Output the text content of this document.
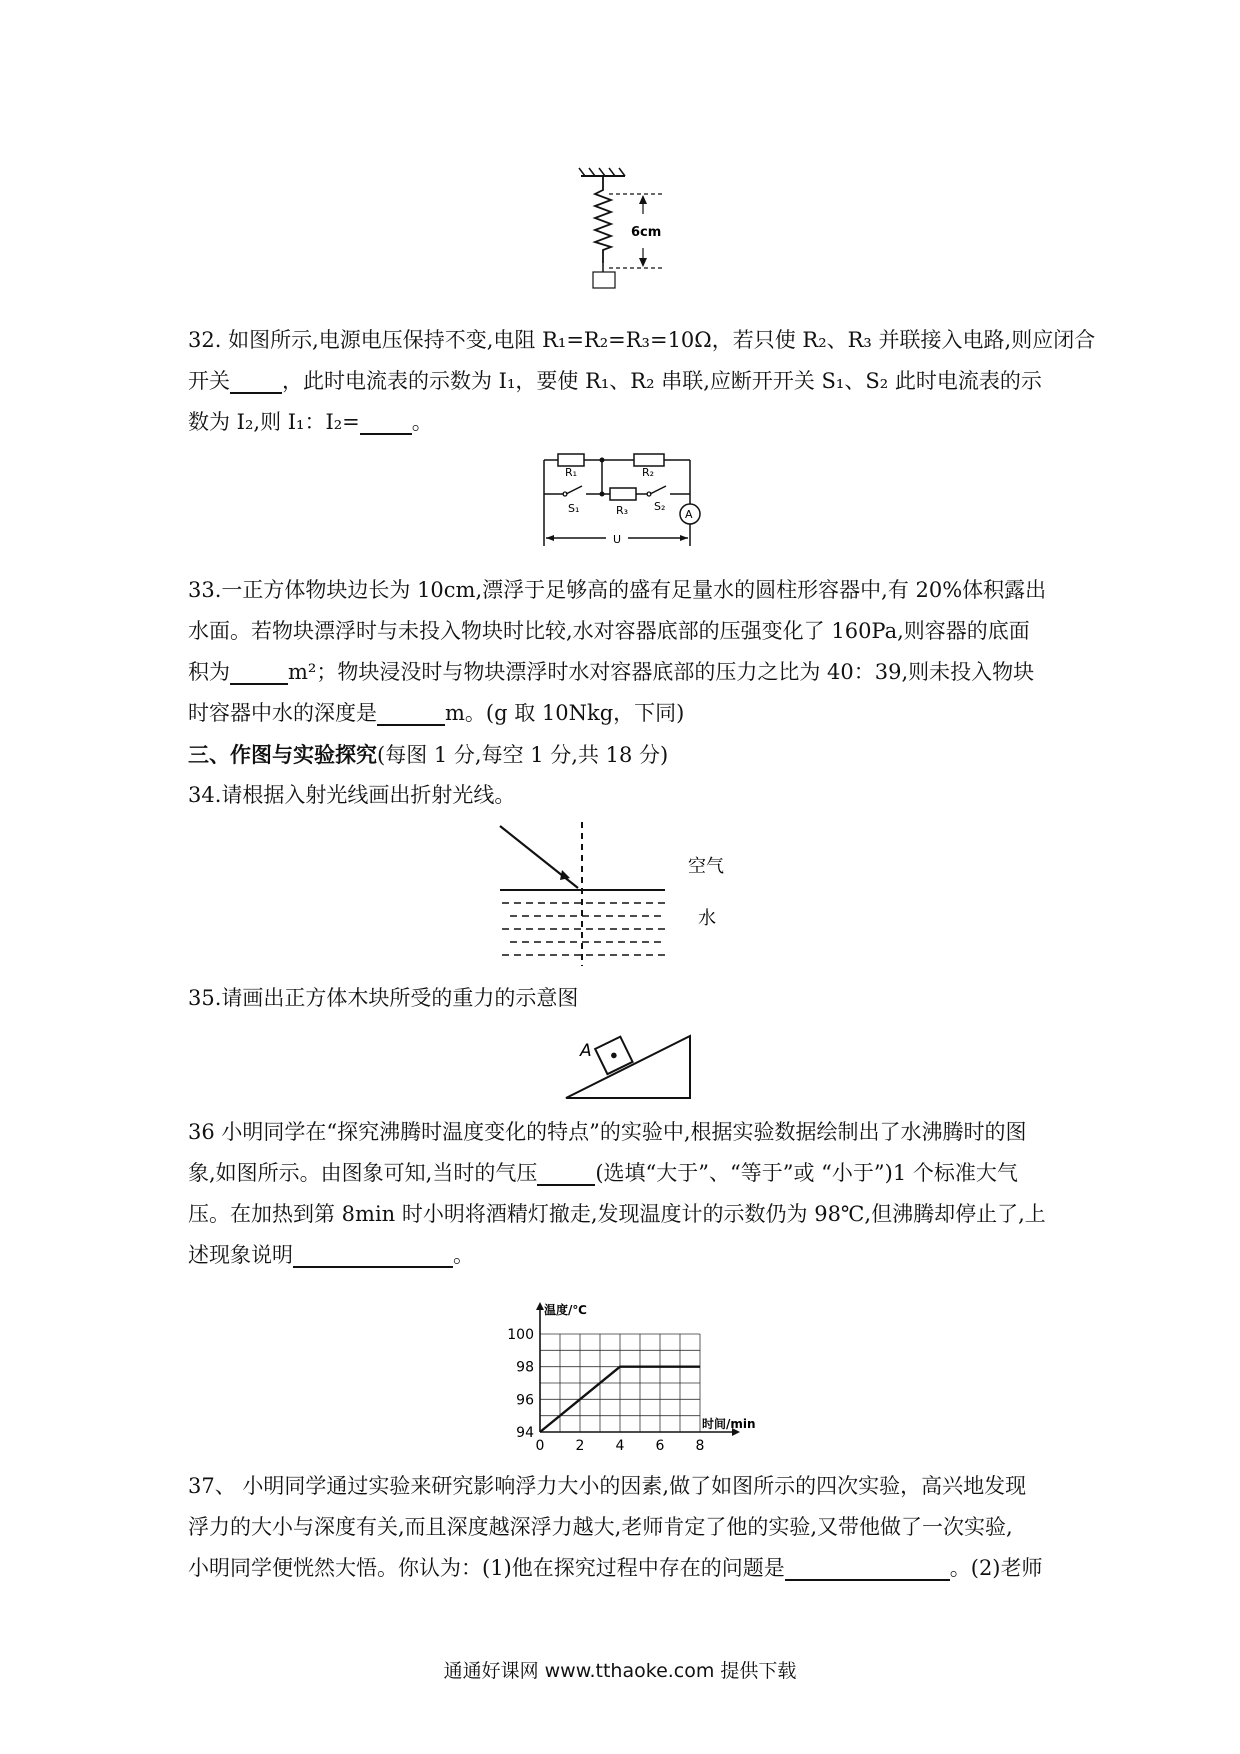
6cm

32. 如图所示,电源电压保持不变,电阻 R₁=R₂=R₃=10Ω，若只使 R₂、R₃ 并联接入电路,则应闭合

开关 ，此时电流表的示数为 I₁，要使 R₁、R₂ 串联,应断开开关 S₁、S₂ 此时电流表的示

数为 I₂,则 I₁：I₂= 。

R₁	R₂
S₁	R₃ S₂
A
U

33.一正方体物块边长为 10cm,漂浮于足够高的盛有足量水的圆柱形容器中,有 20%体积露出

水面。若物块漂浮时与未投入物块时比较,水对容器底部的压强变化了 160Pa,则容器的底面

积为	m²；物块浸没时与物块漂浮时水对容器底部的压力之比为 40：39,则未投入物块

时容器中水的深度是	m。(g 取 10Nkg，下同)

三、作图与实验探究(每图 1 分,每空 1 分,共 18 分)

34.请根据入射光线画出折射光线。

空气
水

35.请画出正方体木块所受的重力的示意图

A

36 小明同学在“探究沸腾时温度变化的特点”的实验中,根据实验数据绘制出了水沸腾时的图

象,如图所示。由图象可知,当时的气压	(选填“大于”、“等于”或 “小于”)1 个标准大气

压。在加热到第 8min 时小明将酒精灯撤走,发现温度计的示数仍为 98℃,但沸腾却停止了,上

述现象说明	。

0 2 4 6 8
94
96
98
100
温度/℃
时间/min

37、 小明同学通过实验来研究影响浮力大小的因素,做了如图所示的四次实验，高兴地发现

浮力的大小与深度有关,而且深度越深浮力越大,老师肯定了他的实验,又带他做了一次实验,

小明同学便恍然大悟。你认为：(1)他在探究过程中存在的问题是	。(2)老师

通通好课网 www.tthaoke.com 提供下载
